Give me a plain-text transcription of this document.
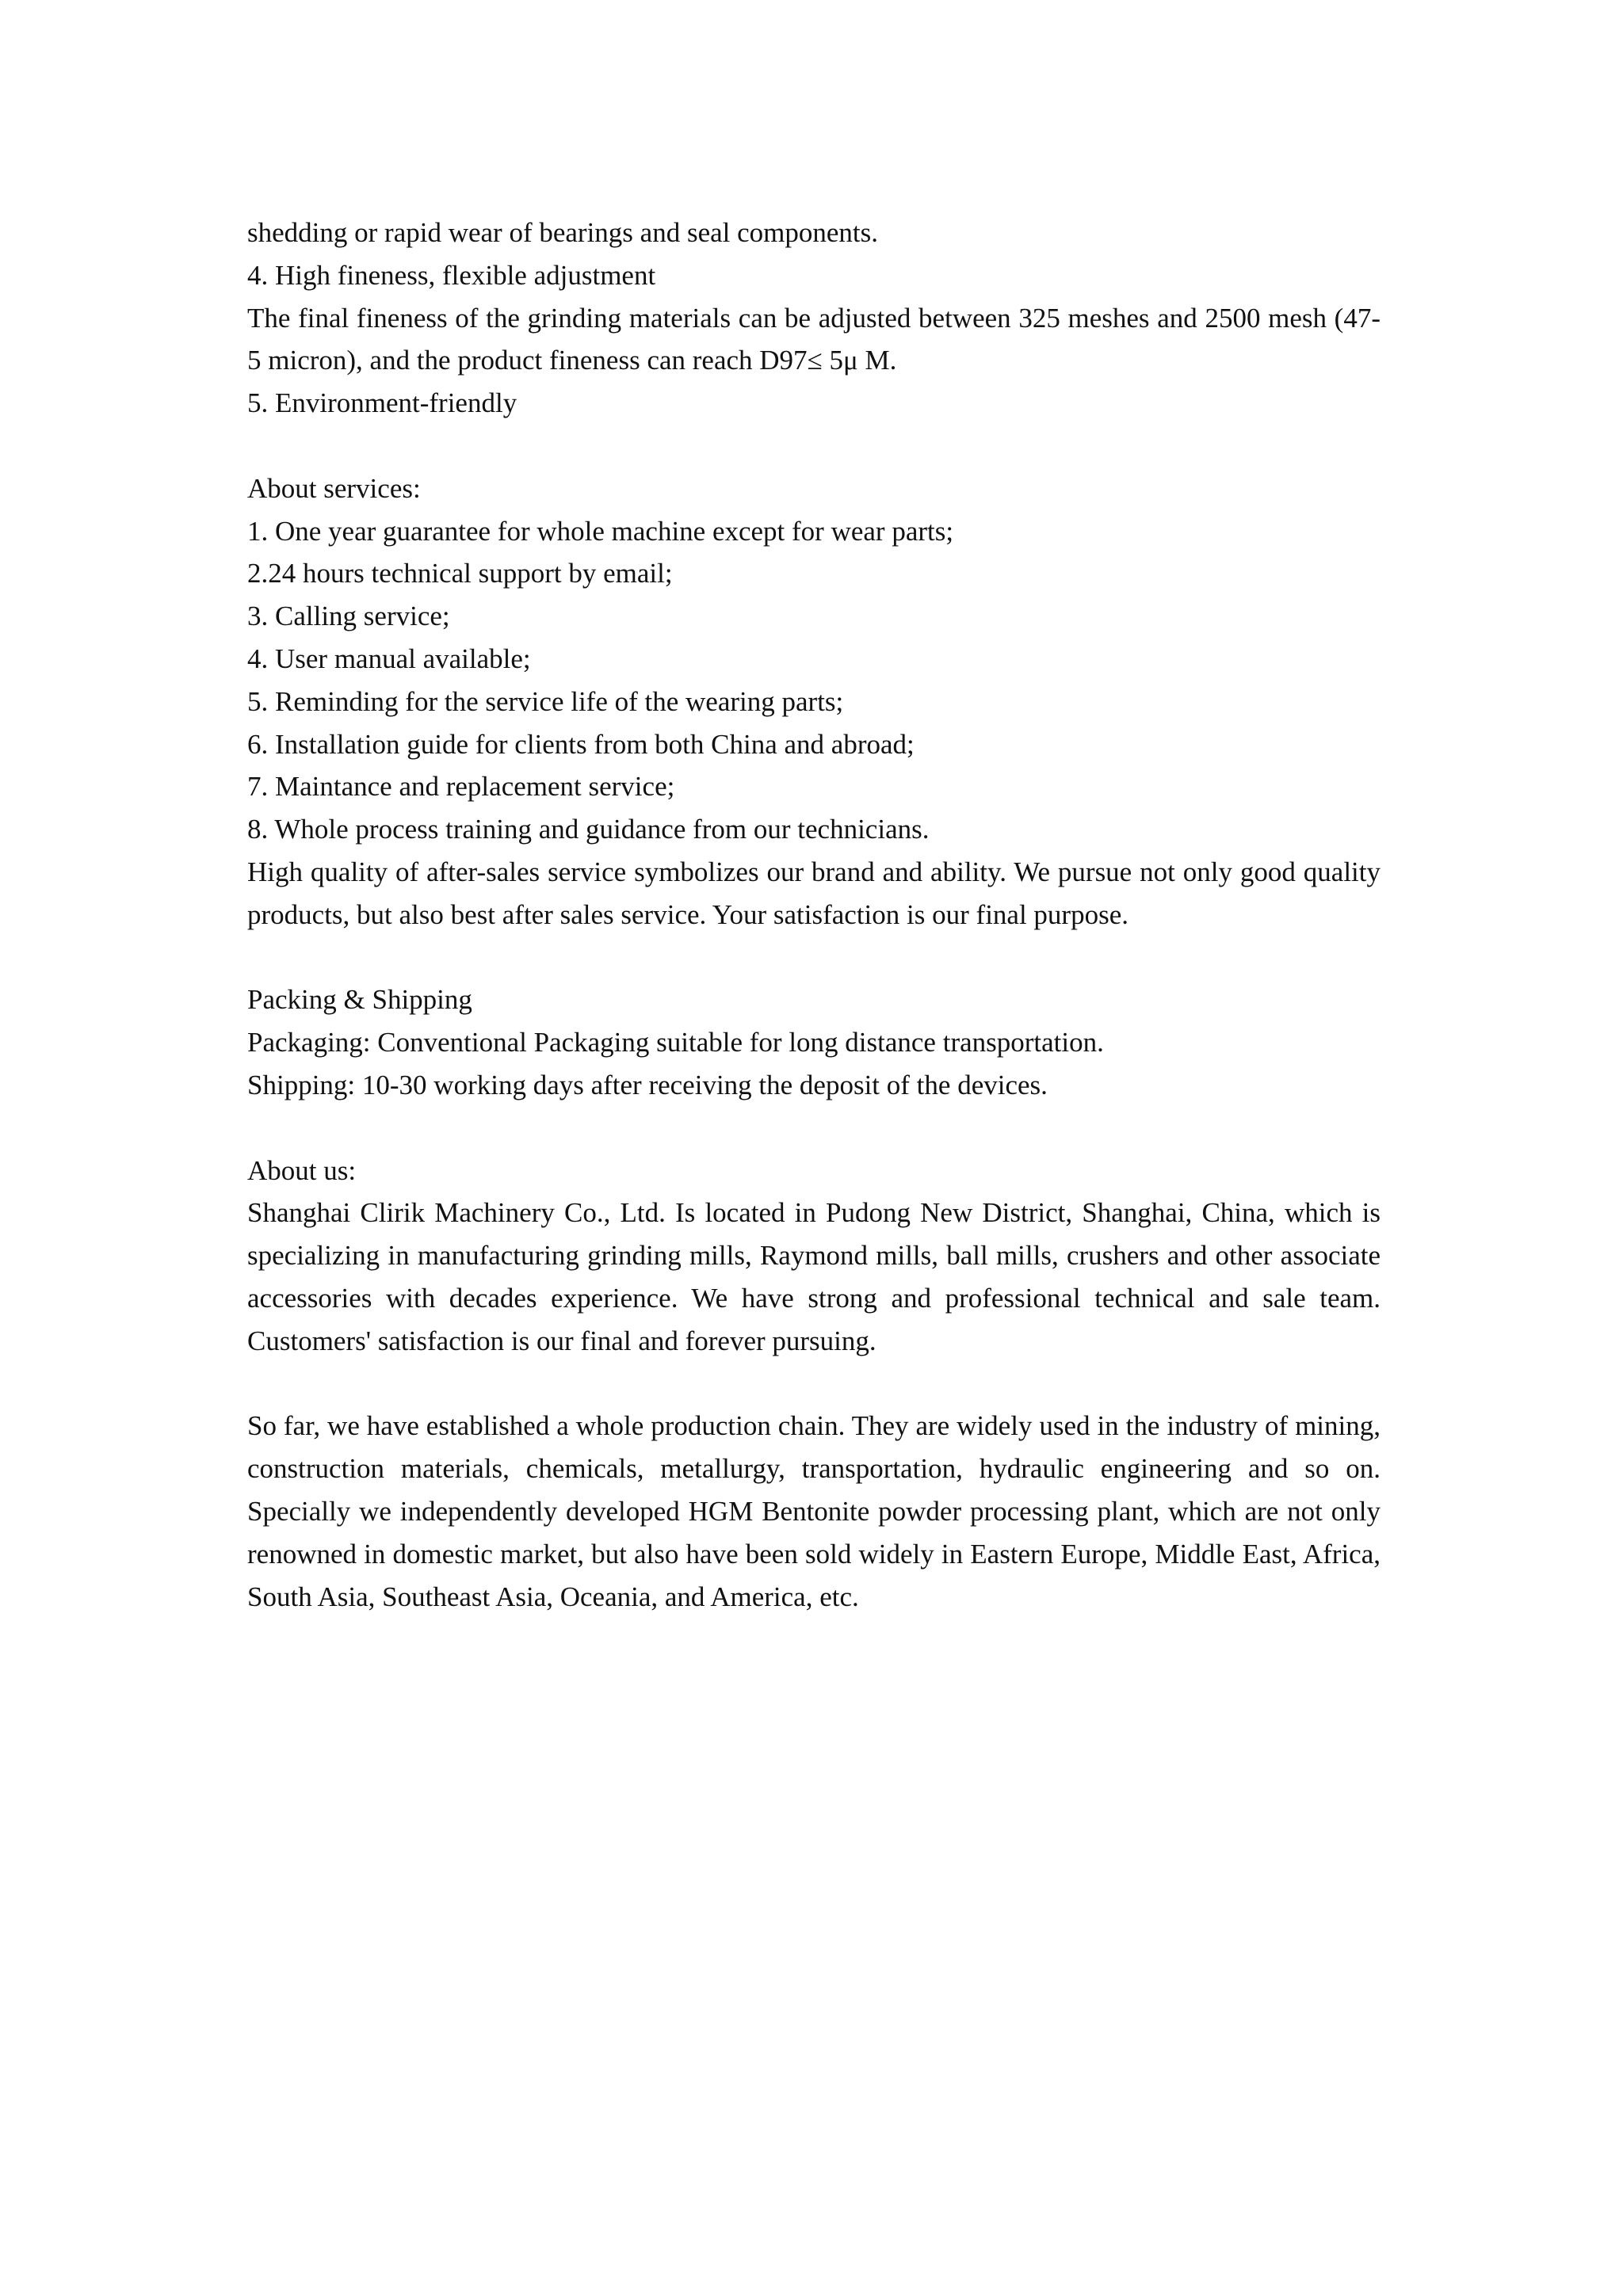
shedding or rapid wear of bearings and seal components.
4. High fineness, flexible adjustment
The final fineness of the grinding materials can be adjusted between 325 meshes and 2500 mesh (47-5 micron), and the product fineness can reach D97≤ 5μ M.
5. Environment-friendly
About services:
1. One year guarantee for whole machine except for wear parts;
2.24 hours technical support by email;
3. Calling service;
4. User manual available;
5. Reminding for the service life of the wearing parts;
6. Installation guide for clients from both China and abroad;
7. Maintance and replacement service;
8. Whole process training and guidance from our technicians.
High quality of after-sales service symbolizes our brand and ability. We pursue not only good quality products, but also best after sales service. Your satisfaction is our final purpose.
Packing & Shipping
Packaging: Conventional Packaging suitable for long distance transportation.
Shipping: 10-30 working days after receiving the deposit of the devices.
About us:
Shanghai Clirik Machinery Co., Ltd. Is located in Pudong New District, Shanghai, China, which is specializing in manufacturing grinding mills, Raymond mills, ball mills, crushers and other associate accessories with decades experience. We have strong and professional technical and sale team. Customers' satisfaction is our final and forever pursuing.
So far, we have established a whole production chain. They are widely used in the industry of mining, construction materials, chemicals, metallurgy, transportation, hydraulic engineering and so on. Specially we independently developed HGM Bentonite powder processing plant, which are not only renowned in domestic market, but also have been sold widely in Eastern Europe, Middle East, Africa, South Asia, Southeast Asia, Oceania, and America, etc.
